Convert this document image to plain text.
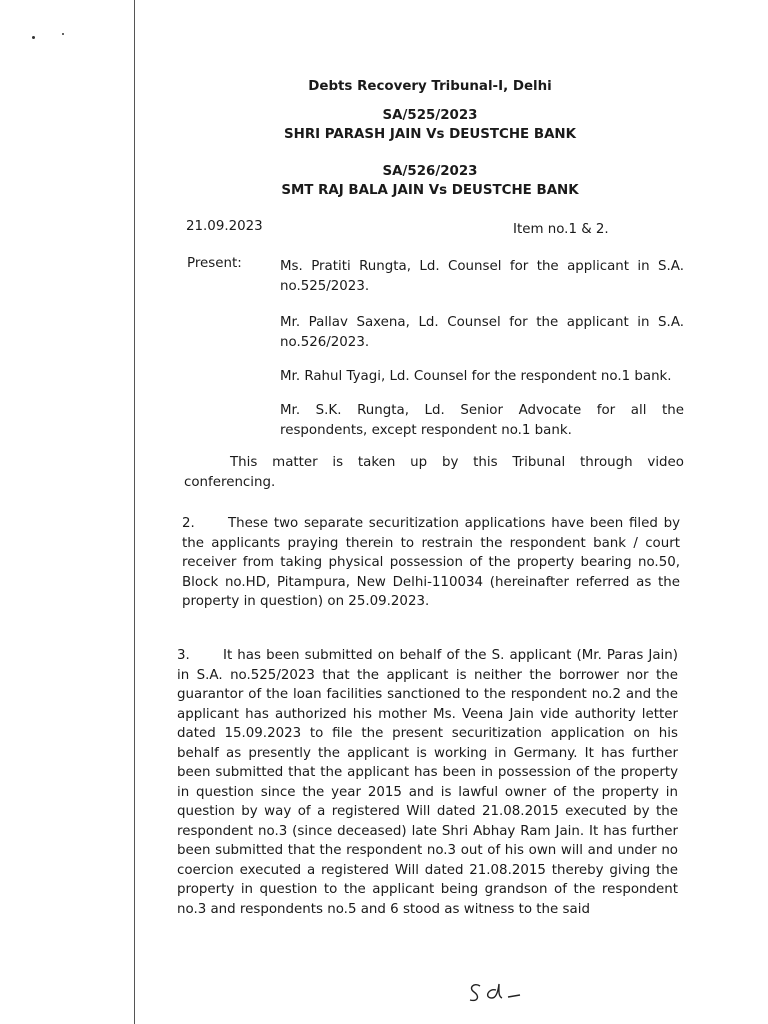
Debts Recovery Tribunal-I, Delhi
SA/525/2023
SHRI PARASH JAIN Vs DEUSTCHE BANK
SA/526/2023
SMT RAJ BALA JAIN Vs DEUSTCHE BANK
21.09.2023	Item no.1 & 2.
Present:	Ms. Pratiti Rungta, Ld. Counsel for the applicant in S.A. no.525/2023.
Mr. Pallav Saxena, Ld. Counsel for the applicant in S.A. no.526/2023.
Mr. Rahul Tyagi, Ld. Counsel for the respondent no.1 bank.
Mr. S.K. Rungta, Ld. Senior Advocate for all the respondents, except respondent no.1 bank.
This matter is taken up by this Tribunal through video conferencing.
2. These two separate securitization applications have been filed by the applicants praying therein to restrain the respondent bank / court receiver from taking physical possession of the property bearing no.50, Block no.HD, Pitampura, New Delhi-110034 (hereinafter referred as the property in question) on 25.09.2023.
3. It has been submitted on behalf of the S. applicant (Mr. Paras Jain) in S.A. no.525/2023 that the applicant is neither the borrower nor the guarantor of the loan facilities sanctioned to the respondent no.2 and the applicant has authorized his mother Ms. Veena Jain vide authority letter dated 15.09.2023 to file the present securitization application on his behalf as presently the applicant is working in Germany. It has further been submitted that the applicant has been in possession of the property in question since the year 2015 and is lawful owner of the property in question by way of a registered Will dated 21.08.2015 executed by the respondent no.3 (since deceased) late Shri Abhay Ram Jain. It has further been submitted that the respondent no.3 out of his own will and under no coercion executed a registered Will dated 21.08.2015 thereby giving the property in question to the applicant being grandson of the respondent no.3 and respondents no.5 and 6 stood as witness to the said
